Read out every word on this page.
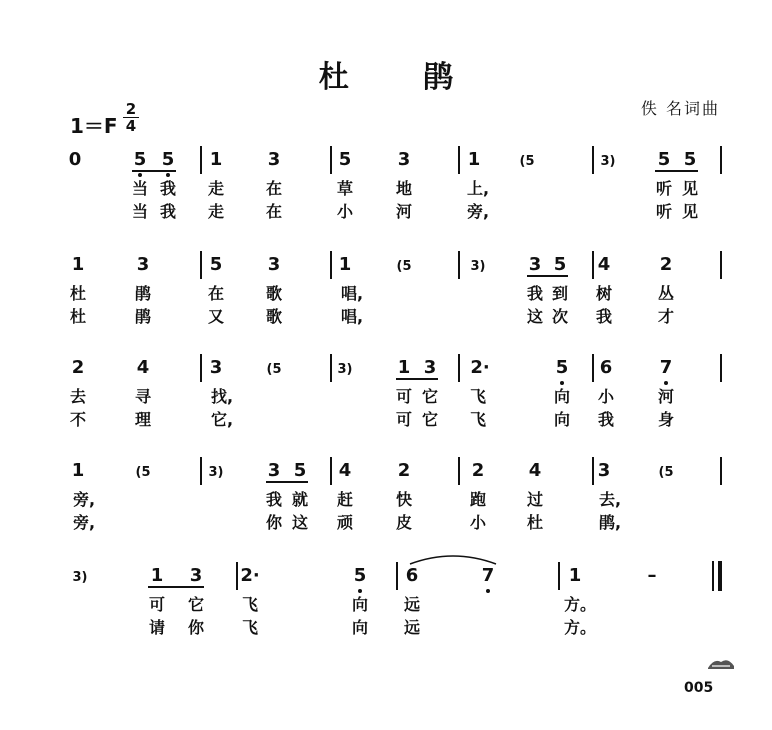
杜 鹃
佚 名词曲
1＝F
2
4
0	5 5 1	3	5	3	1	(5	3) 5 5
当 我 走	在	草	地	上,	听 见
当 我 走	在	小	河	旁,	听 见
1	3	5	3	1	(5	3) 3 5 4	2
杜	鹃	在	歌	唱,	我 到 树	丛
杜	鹃	又	歌	唱,	这 次 我	才
2	4	3	(5	3)	1 3 2·	5 6	7
去	寻	找,	可 它 飞	向 小	河
不	理	它,	可 它 飞	向 我	身
1	(5	3) 3 5 4	2	2 4	3	(5
旁,	我 就 赶	快	跑	过	去,
旁,	你 这 顽	皮	小	杜	鹃,
3)	1 3 2·	5 6	7	1	–
可 它 飞	向 远	方。
请 你 飞	向 远	方。
005
